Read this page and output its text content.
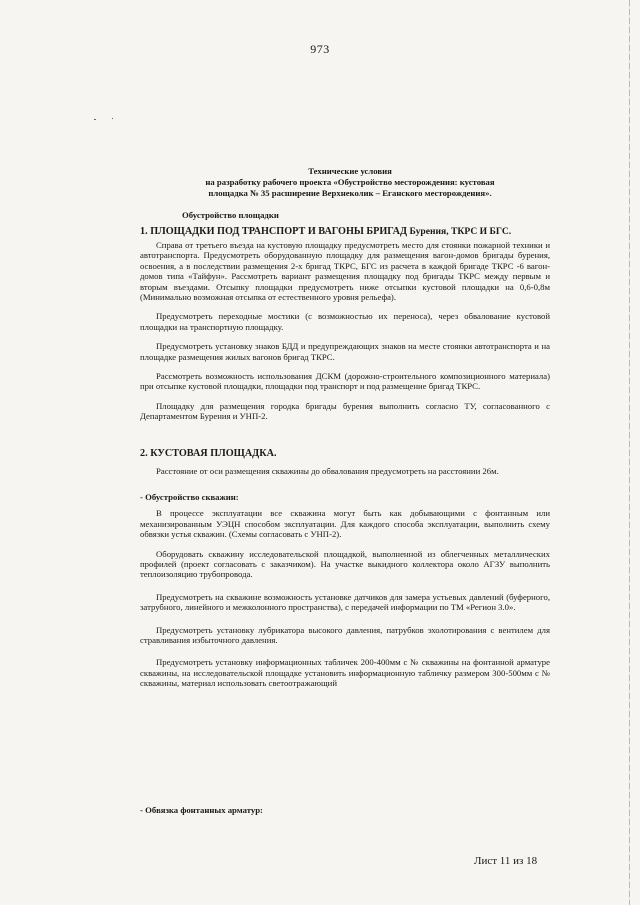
973
Технические условия
на разработку рабочего проекта «Обустройство месторождения: кустовая
площадка № 35 расширение Верхнеколик – Еганского месторождения».
Обустройство площадки
1. ПЛОЩАДКИ ПОД ТРАНСПОРТ И ВАГОНЫ БРИГАД Бурения, ТКРС И БГС.

Справа от третьего въезда на кустовую площадку предусмотреть место для стоянки пожарной техники и автотранспорта. Предусмотреть оборудованную площадку для размещения вагон-домов бригады бурения, освоения, а в последствии размещения 2-х бригад ТКРС, БГС из расчета в каждой бригаде ТКРС -6 вагон-домов типа «Тайфун». Рассмотреть вариант размещения площадку под бригады ТКРС между первым и вторым въездами. Отсыпку площадки предусмотреть ниже отсыпки кустовой площадки на 0,6-0,8м (Минимально возможная отсыпка от естественного уровня рельефа).

Предусмотреть переходные мостики (с возможностью их переноса), через обвалование кустовой площадки на транспортную площадку.

Предусмотреть установку знаков БДД и предупреждающих знаков на месте стоянки автотранспорта и на площадке размещения жилых вагонов бригад ТКРС.

Рассмотреть возможность использования ДСКМ (дорожно-строительного композиционного материала) при отсыпке кустовой площадки, площадки под транспорт и под размещение бригад ТКРС.

Площадку для размещения городка бригады бурения выполнить согласно ТУ, согласованного с Департаментом Бурения и УНП-2.

2. КУСТОВАЯ ПЛОЩАДКА.

Расстояние от оси размещения скважины до обвалования предусмотреть на расстоянии 26м.

- Обустройство скважин:

В процессе эксплуатации все скважина могут быть как добывающими с фонтанным или механизированным УЭЦН способом эксплуатации. Для каждого способа эксплуатации, выполнить схему обвязки устья скважин. (Схемы согласовать с УНП-2).

Оборудовать скважину исследовательской площадкой, выполненной из облегченных металлических профилей (проект согласовать с заказчиком). На участке выкидного коллектора около АГЗУ выполнить теплоизоляцию трубопровода.

Предусмотреть на скважине возможность установке датчиков для замера устьевых давлений (буферного, затрубного, линейного и межколонного пространства), с передачей информации по ТМ «Регион 3.0».

Предусмотреть установку лубрикатора высокого давления, патрубков эхолотирования с вентилем для стравливания избыточного давления.

Предусмотреть установку информационных табличек 200-400мм с № скважины на фонтанной арматуре скважины, на исследовательской площадке установить информационную табличку размером 300-500мм с № скважины, материал использовать светоотражающий

- Обвязка фонтанных арматур:
Лист 11 из 18
